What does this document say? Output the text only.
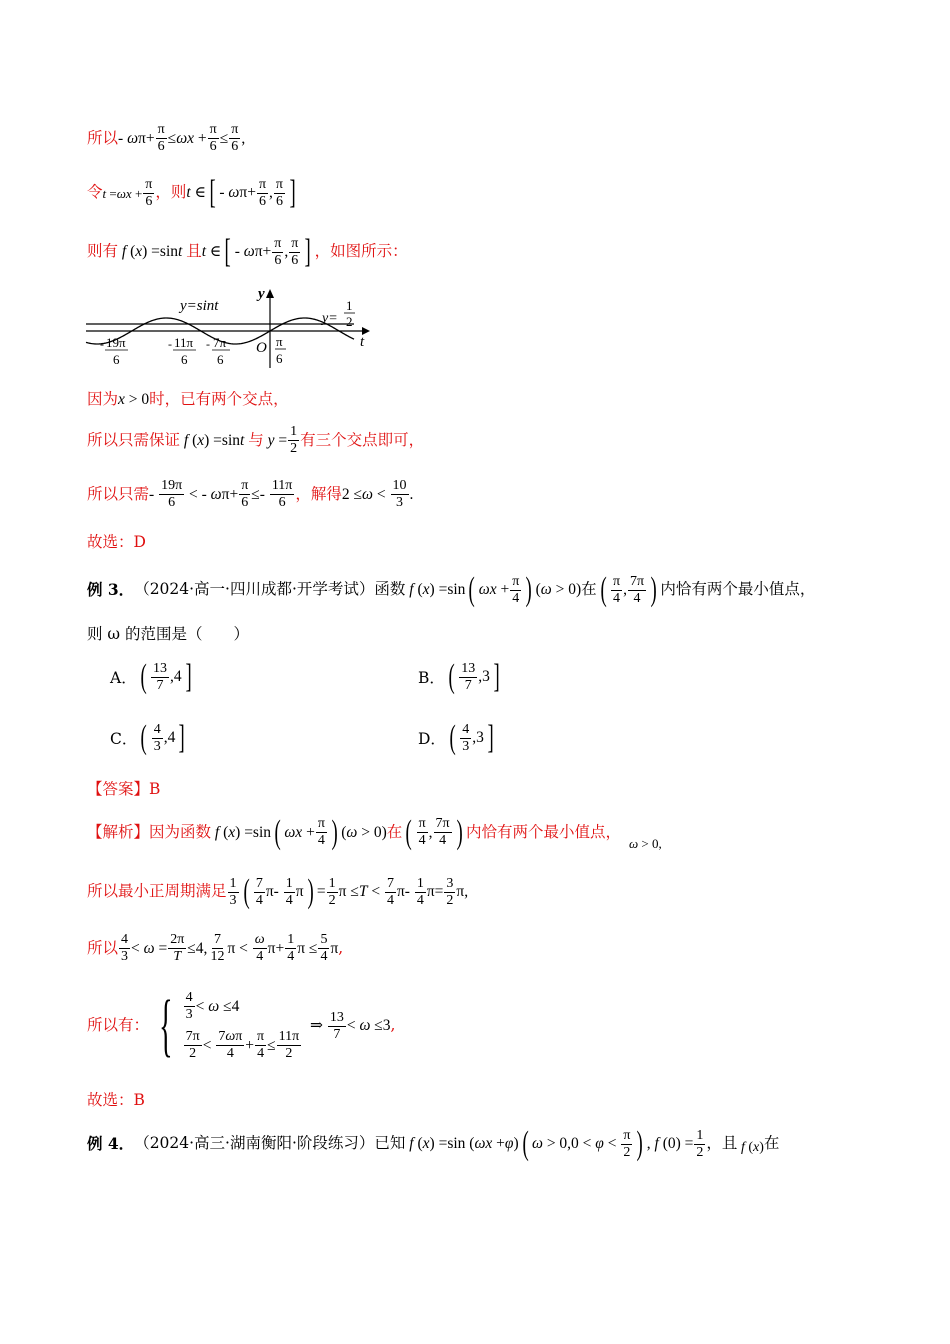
所以 - ω $\pi+ \frac{\pi}{6} \le \omega x + \frac{\pi}{6} \le \frac{\pi}{6}$ ,
令 $t = \omega x + \frac{\pi}{6}$ ，则 t ∈ [ - ω $\pi+ \frac{\pi}{6}$ , $\frac{\pi}{6}$ ]
则有
f ( x ) =sin t
且 t ∈ [ - ω $\pi+ \frac{\pi}{6}$ , $\frac{\pi}{6}$ ] ，如图所示：
y=sint
y
t
O
y=
1
2
- 19π
6
- 11π
6
- 7π
6
π
6
因为 x > 0 时，已有两个交点，
所以只需保证
f ( x ) =sin t
与
$y = \frac{1}{2}$ 有三个交点即可，
所以只需 - $\frac{19\pi}{6}$ < - ω $\pi+ \frac{\pi}{6} \le- \frac{11\pi}{6}$ ，解得 $2 \le \omega < \frac{10}{3}$ .
故选：D
例 3． （2024·高一·四川成都·开学考试）函数
f ( x ) =sin ( $\omega x + \frac{\pi}{4}$ ) ( ω > 0) 在 ( $\frac{\pi}{4}$ , $\frac{7\pi}{4}$ ) 内恰有两个最小值点，
则 ω 的范围是（　　）
A． ( $\frac{13}{7} ,4$ ]	B． ( $\frac{13}{7} ,3$ ]
C． ( $\frac{4}{3} ,4$ ]	D． ( $\frac{4}{3} ,3$ ]
【答案】 B
【解析】 因为函数
f ( x ) =sin ( $\omega x + \frac{\pi}{4}$ ) ( ω > 0) 在 ( $\frac{\pi}{4}$ , $\frac{7\pi}{4}$ ) 内恰有两个最小值点，
ω > 0,
所以最小正周期满足 $\frac{1}{3}$ ( $\frac{7}{4} \pi- \frac{1}{4}$ π ) = $\frac{1}{2}$ $\pi \le T < \frac{7}{4} \pi- \frac{1}{4} \pi= \frac{3}{2} \pi$,
所以 $\frac{4}{3} < \omega = \frac{2\pi}{T} \le 4$, $\frac{7}{12}$ $\pi < \frac{\omega}{4} \pi+ \frac{1}{4}$ $\pi \le \frac{5}{4}$ π ,
所以有： { $\frac{4}{3} < \omega \le 4$
$\frac{7\pi}{2} < \frac{7\omega\pi}{4} + \frac{\pi}{4} \le \frac{11\pi}{2}$
⇒ $\frac{13}{7} < \omega \le 3$ ,
故选：B
例 4． （2024·高三·湖南衡阳·阶段练习）已知
f ( x ) =sin ( ωx + φ ) ( $\omega > 0,0 < \varphi < \frac{\pi}{2}$ ) , f $(0) = \frac{1}{2}$ ，且
f ( x ) 在
